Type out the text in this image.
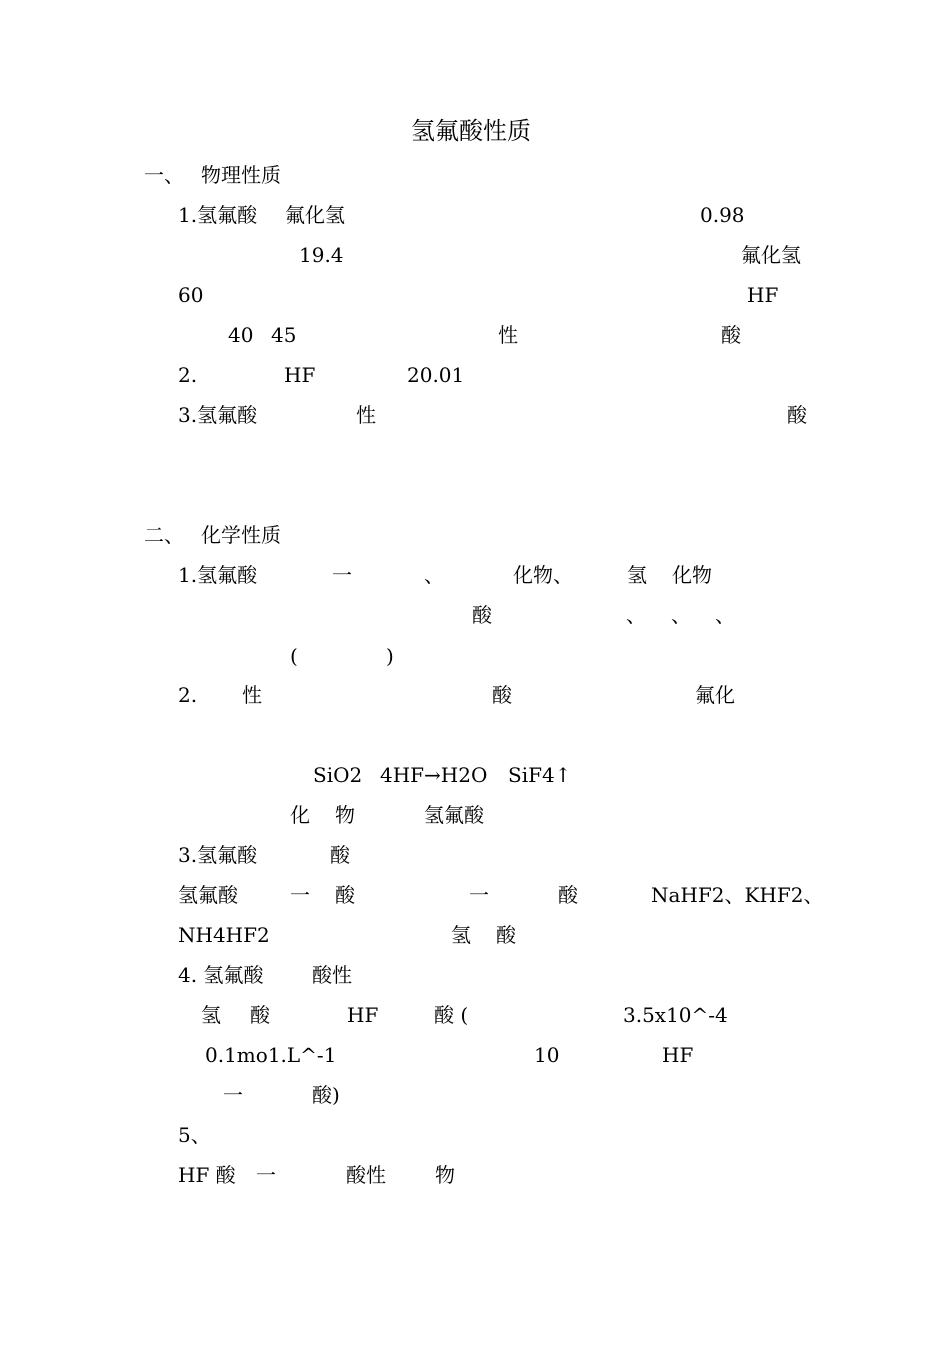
氢氟酸性质
一、 物理性质
1.氢氟酸 氟化氢	0.98
19.4	氟化氢
60	HF
40 45	性	酸
2.	HF	20.01
3.氢氟酸	性	酸
二、 化学性质
1.氢氟酸	一	、	化物、	氢 化物
酸	、 、 、
(	)
2. 性	酸	氟化
SiO2 4HF→H2O SiF4↑
化 物	氢氟酸
3.氢氟酸	酸
氢氟酸	一 酸	一	酸	NaHF2、KHF2、
NH4HF2	氢 酸
4. 氢氟酸 酸性
氢 酸	HF	酸 (	3.5x10^-4
0.1mo1.L^-1	10	HF
一	酸)
5、
HF 酸 一	酸性 物
